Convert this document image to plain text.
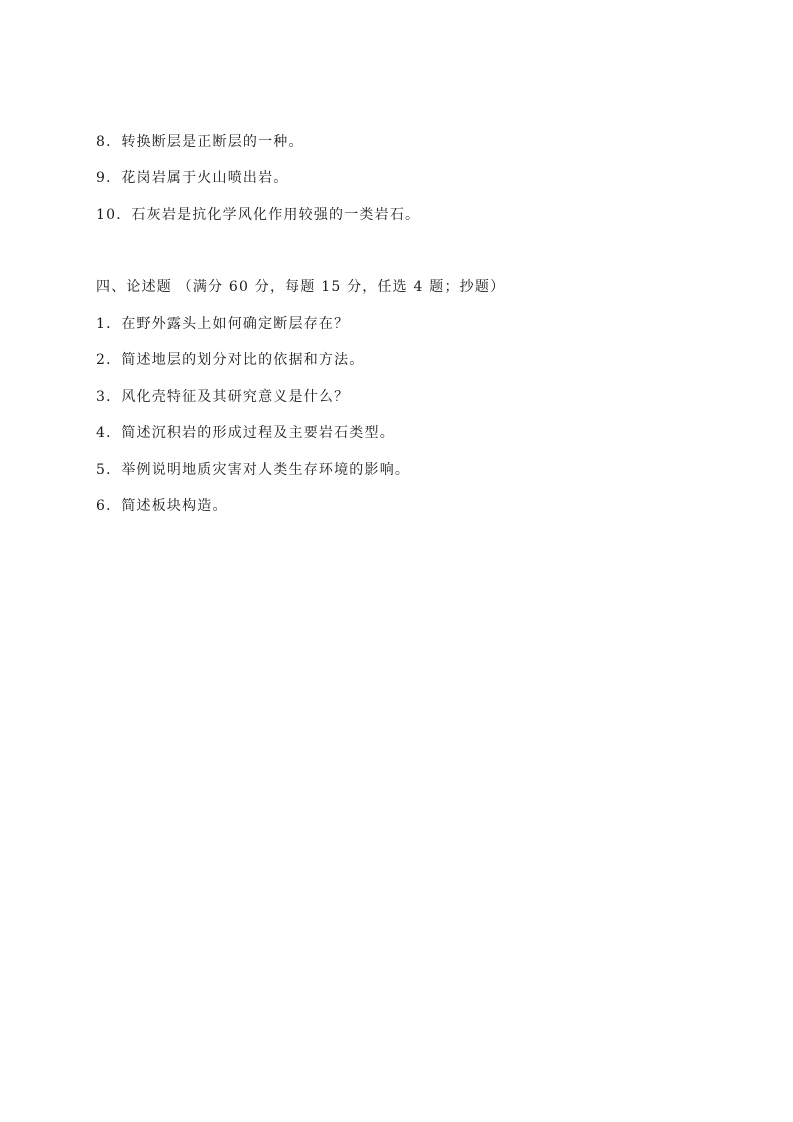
8．转换断层是正断层的一种。
9．花岗岩属于火山喷出岩。
10．石灰岩是抗化学风化作用较强的一类岩石。
四、论述题 （满分 60 分，每题 15 分，任选 4 题；抄题）
1．在野外露头上如何确定断层存在？
2．简述地层的划分对比的依据和方法。
3．风化壳特征及其研究意义是什么？
4．简述沉积岩的形成过程及主要岩石类型。
5．举例说明地质灾害对人类生存环境的影响。
6．简述板块构造。
